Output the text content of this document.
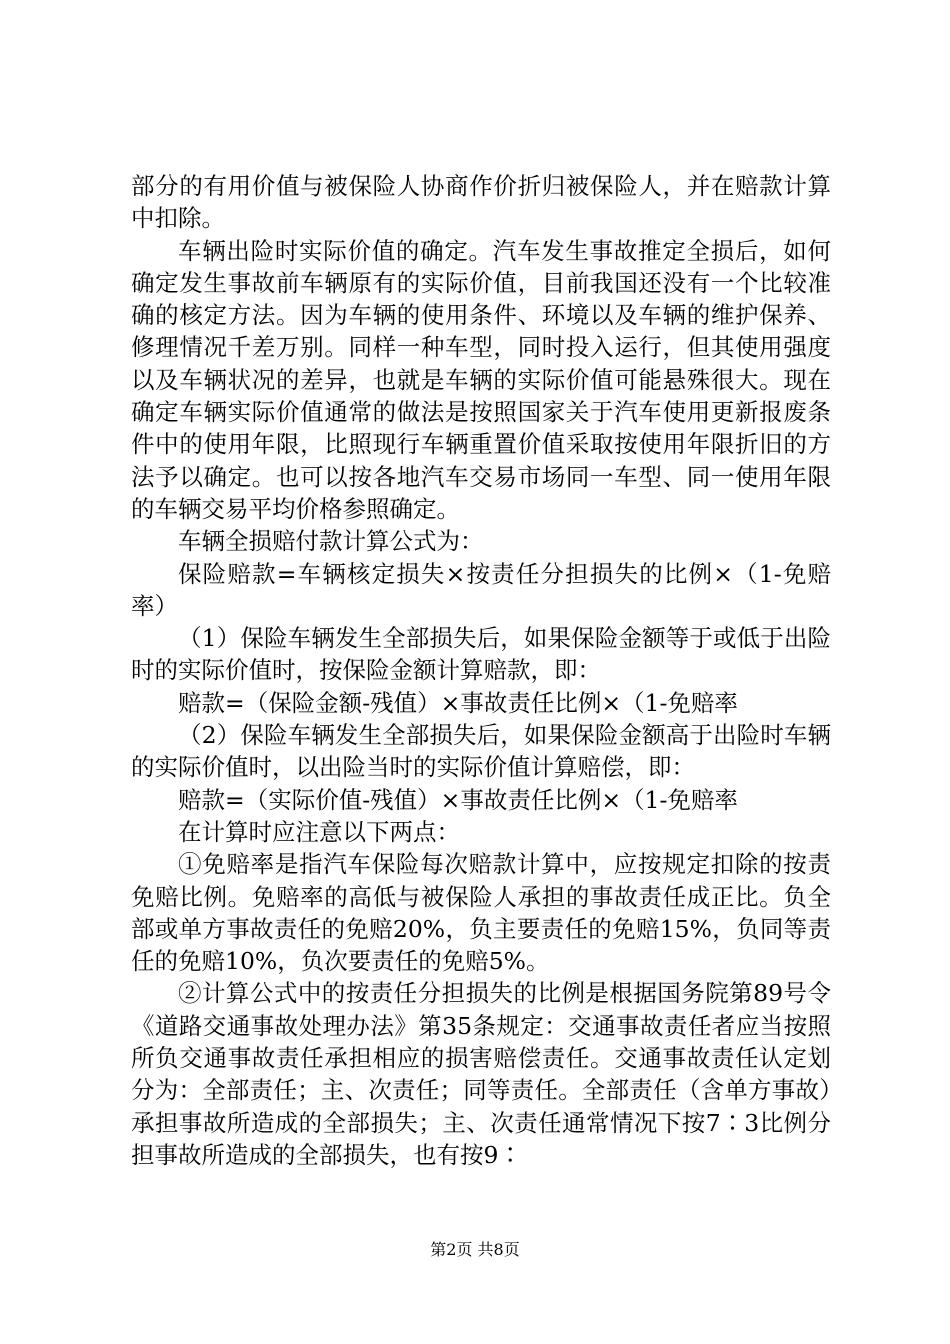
部分的有用价值与被保险人协商作价折归被保险人，并在赔款计算中扣除。

车辆出险时实际价值的确定。汽车发生事故推定全损后，如何确定发生事故前车辆原有的实际价值，目前我国还没有一个比较准确的核定方法。因为车辆的使用条件、环境以及车辆的维护保养、修理情况千差万别。同样一种车型，同时投入运行，但其使用强度以及车辆状况的差异，也就是车辆的实际价值可能悬殊很大。现在确定车辆实际价值通常的做法是按照国家关于汽车使用更新报废条件中的使用年限，比照现行车辆重置价值采取按使用年限折旧的方法予以确定。也可以按各地汽车交易市场同一车型、同一使用年限的车辆交易平均价格参照确定。

车辆全损赔付款计算公式为：

保险赔款=车辆核定损失×按责任分担损失的比例×（1-免赔率）

（1）保险车辆发生全部损失后，如果保险金额等于或低于出险时的实际价值时，按保险金额计算赔款，即：

赔款=（保险金额-残值）×事故责任比例×（1-免赔率

（2）保险车辆发生全部损失后，如果保险金额高于出险时车辆的实际价值时，以出险当时的实际价值计算赔偿，即：

赔款=（实际价值-残值）×事故责任比例×（1-免赔率

在计算时应注意以下两点：

①免赔率是指汽车保险每次赔款计算中，应按规定扣除的按责免赔比例。免赔率的高低与被保险人承担的事故责任成正比。负全部或单方事故责任的免赔20%，负主要责任的免赔15%，负同等责任的免赔10%，负次要责任的免赔5%。

②计算公式中的按责任分担损失的比例是根据国务院第89号令《道路交通事故处理办法》第35条规定：交通事故责任者应当按照所负交通事故责任承担相应的损害赔偿责任。交通事故责任认定划分为：全部责任；主、次责任；同等责任。全部责任（含单方事故）承担事故所造成的全部损失；主、次责任通常情况下按7∶3比例分担事故所造成的全部损失，也有按9∶

第2页 共8页
